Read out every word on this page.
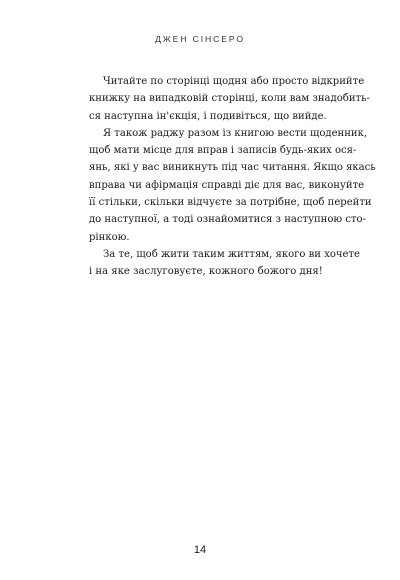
ДЖЕН СІНСЕРО

Читайте по сторінці щодня або просто відкрийте
книжку на випадковій сторінці, коли вам знадобить-
ся наступна ін'єкція, і подивіться, що вийде.

Я також раджу разом із книгою вести щоденник,
щоб мати місце для вправ і записів будь-яких ося-
янь, які у вас виникнуть під час читання. Якщо якась
вправа чи афірмація справді діє для вас, виконуйте
її стільки, скільки відчуєте за потрібне, щоб перейти
до наступної, а тоді ознайомитися з наступною сто-
рінкою.

За те, щоб жити таким життям, якого ви хочете
і на яке заслуговуєте, кожного божого дня!

14
